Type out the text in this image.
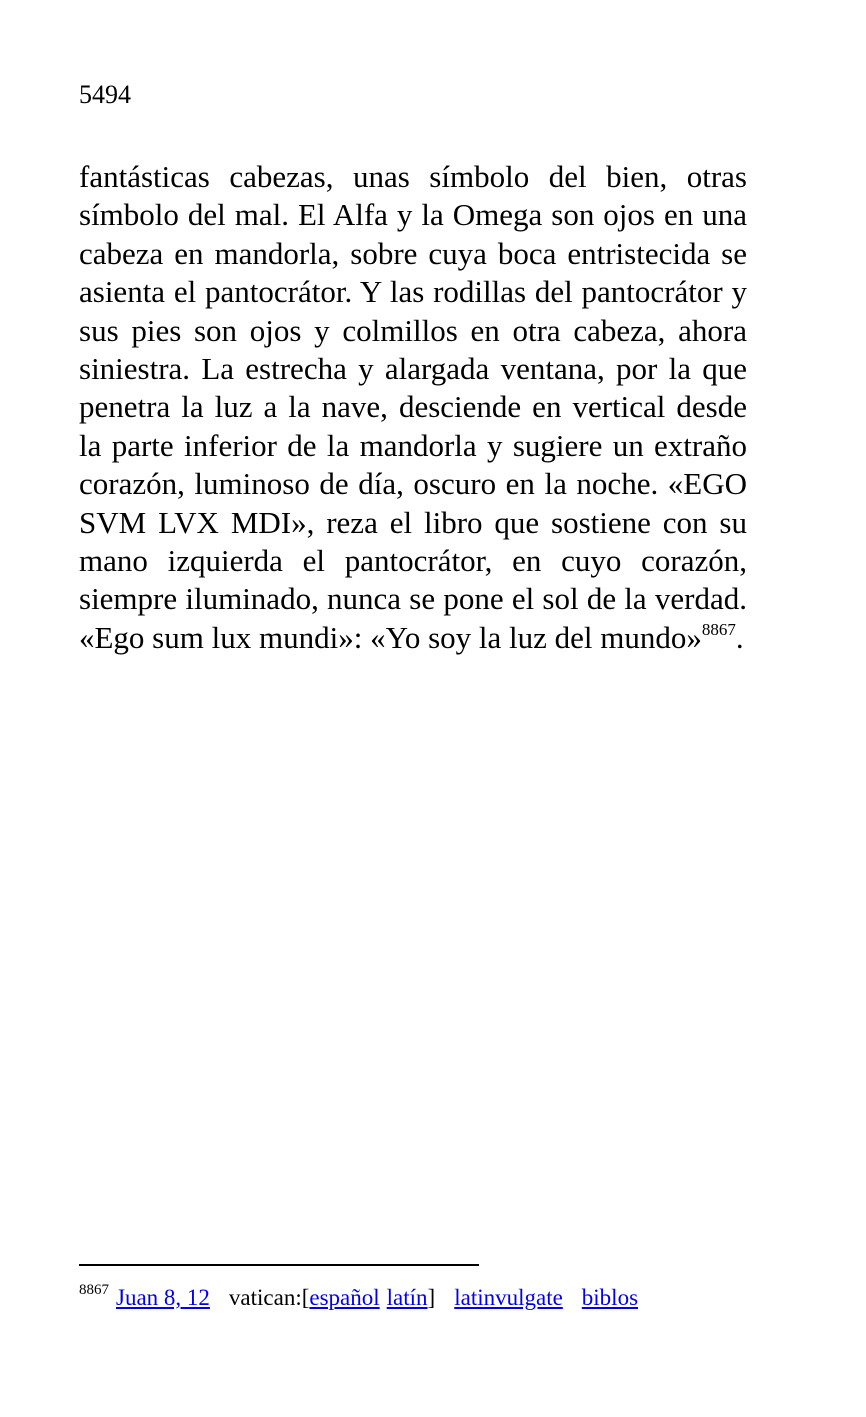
5494

fantásticas cabezas, unas símbolo del bien, otras símbolo del mal. El Alfa y la Omega son ojos en una cabeza en mandorla, sobre cuya boca entristecida se asienta el pantocrátor. Y las rodillas del pantocrátor y sus pies son ojos y colmillos en otra cabeza, ahora siniestra. La estrecha y alargada ventana, por la que penetra la luz a la nave, desciende en vertical desde la parte inferior de la mandorla y sugiere un extraño corazón, luminoso de día, oscuro en la noche. «EGO SVM LVX MDI», reza el libro que sostiene con su mano izquierda el pantocrátor, en cuyo corazón, siempre iluminado, nunca se pone el sol de la verdad. «Ego sum lux mundi»: «Yo soy la luz del mundo»$^{8867}$.

$^{8867}$ Juan 8, 12 vatican:[español latín] latinvulgate biblos
